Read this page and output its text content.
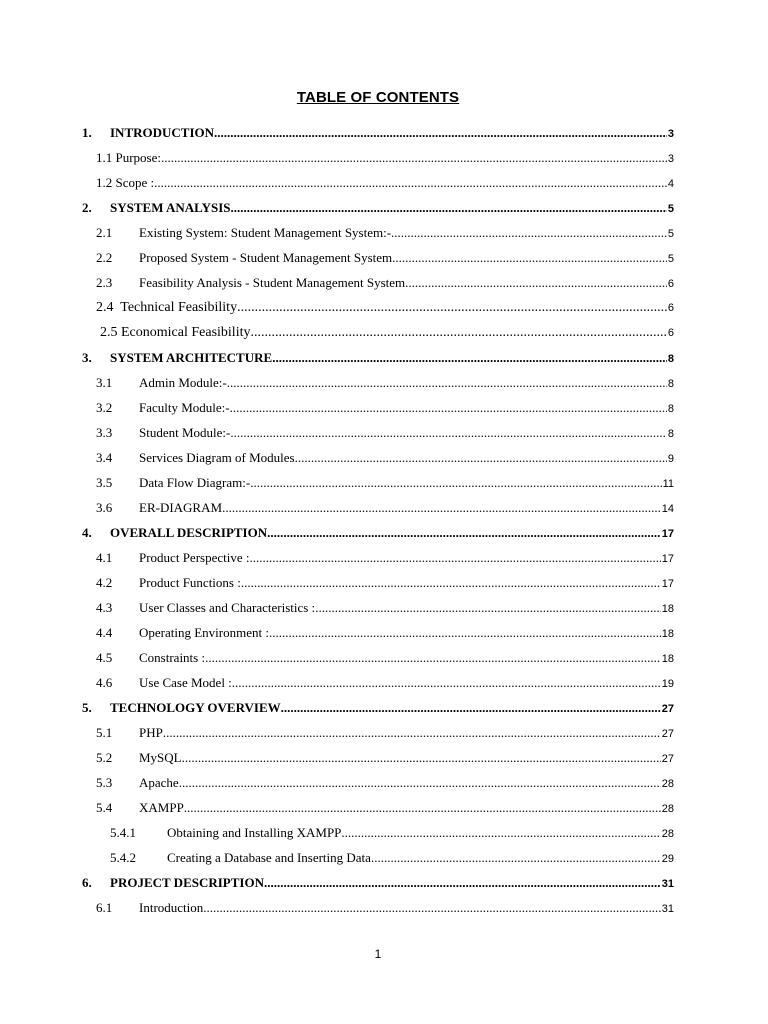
TABLE OF CONTENTS
1.	INTRODUCTION .....	3
1.1 Purpose: .....	3
1.2 Scope : .....	4
2.	SYSTEM ANALYSIS .....	5
2.1	Existing System: Student Management System:- .....	5
2.2	Proposed System - Student Management System .....	5
2.3	Feasibility Analysis - Student Management System .....	6
2.4  Technical Feasibility .....	6
2.5 Economical Feasibility .....	6
3.	SYSTEM ARCHITECTURE .....	8
3.1	Admin Module:- .....	8
3.2	Faculty Module:- .....	8
3.3	Student Module:- .....	8
3.4	Services Diagram of Modules .....	9
3.5	Data Flow Diagram:- .....	11
3.6	ER-DIAGRAM .....	14
4.	OVERALL DESCRIPTION .....	17
4.1	Product Perspective : .....	17
4.2	Product Functions : .....	17
4.3	User Classes and Characteristics : .....	18
4.4	Operating Environment : .....	18
4.5	Constraints : .....	18
4.6	Use Case Model : .....	19
5.	TECHNOLOGY OVERVIEW .....	27
5.1	PHP .....	27
5.2	MySQL .....	27
5.3	Apache .....	28
5.4	XAMPP .....	28
5.4.1	Obtaining and Installing XAMPP .....	28
5.4.2	Creating a Database and Inserting Data .....	29
6.	PROJECT DESCRIPTION .....	31
6.1	Introduction .....	31
1
